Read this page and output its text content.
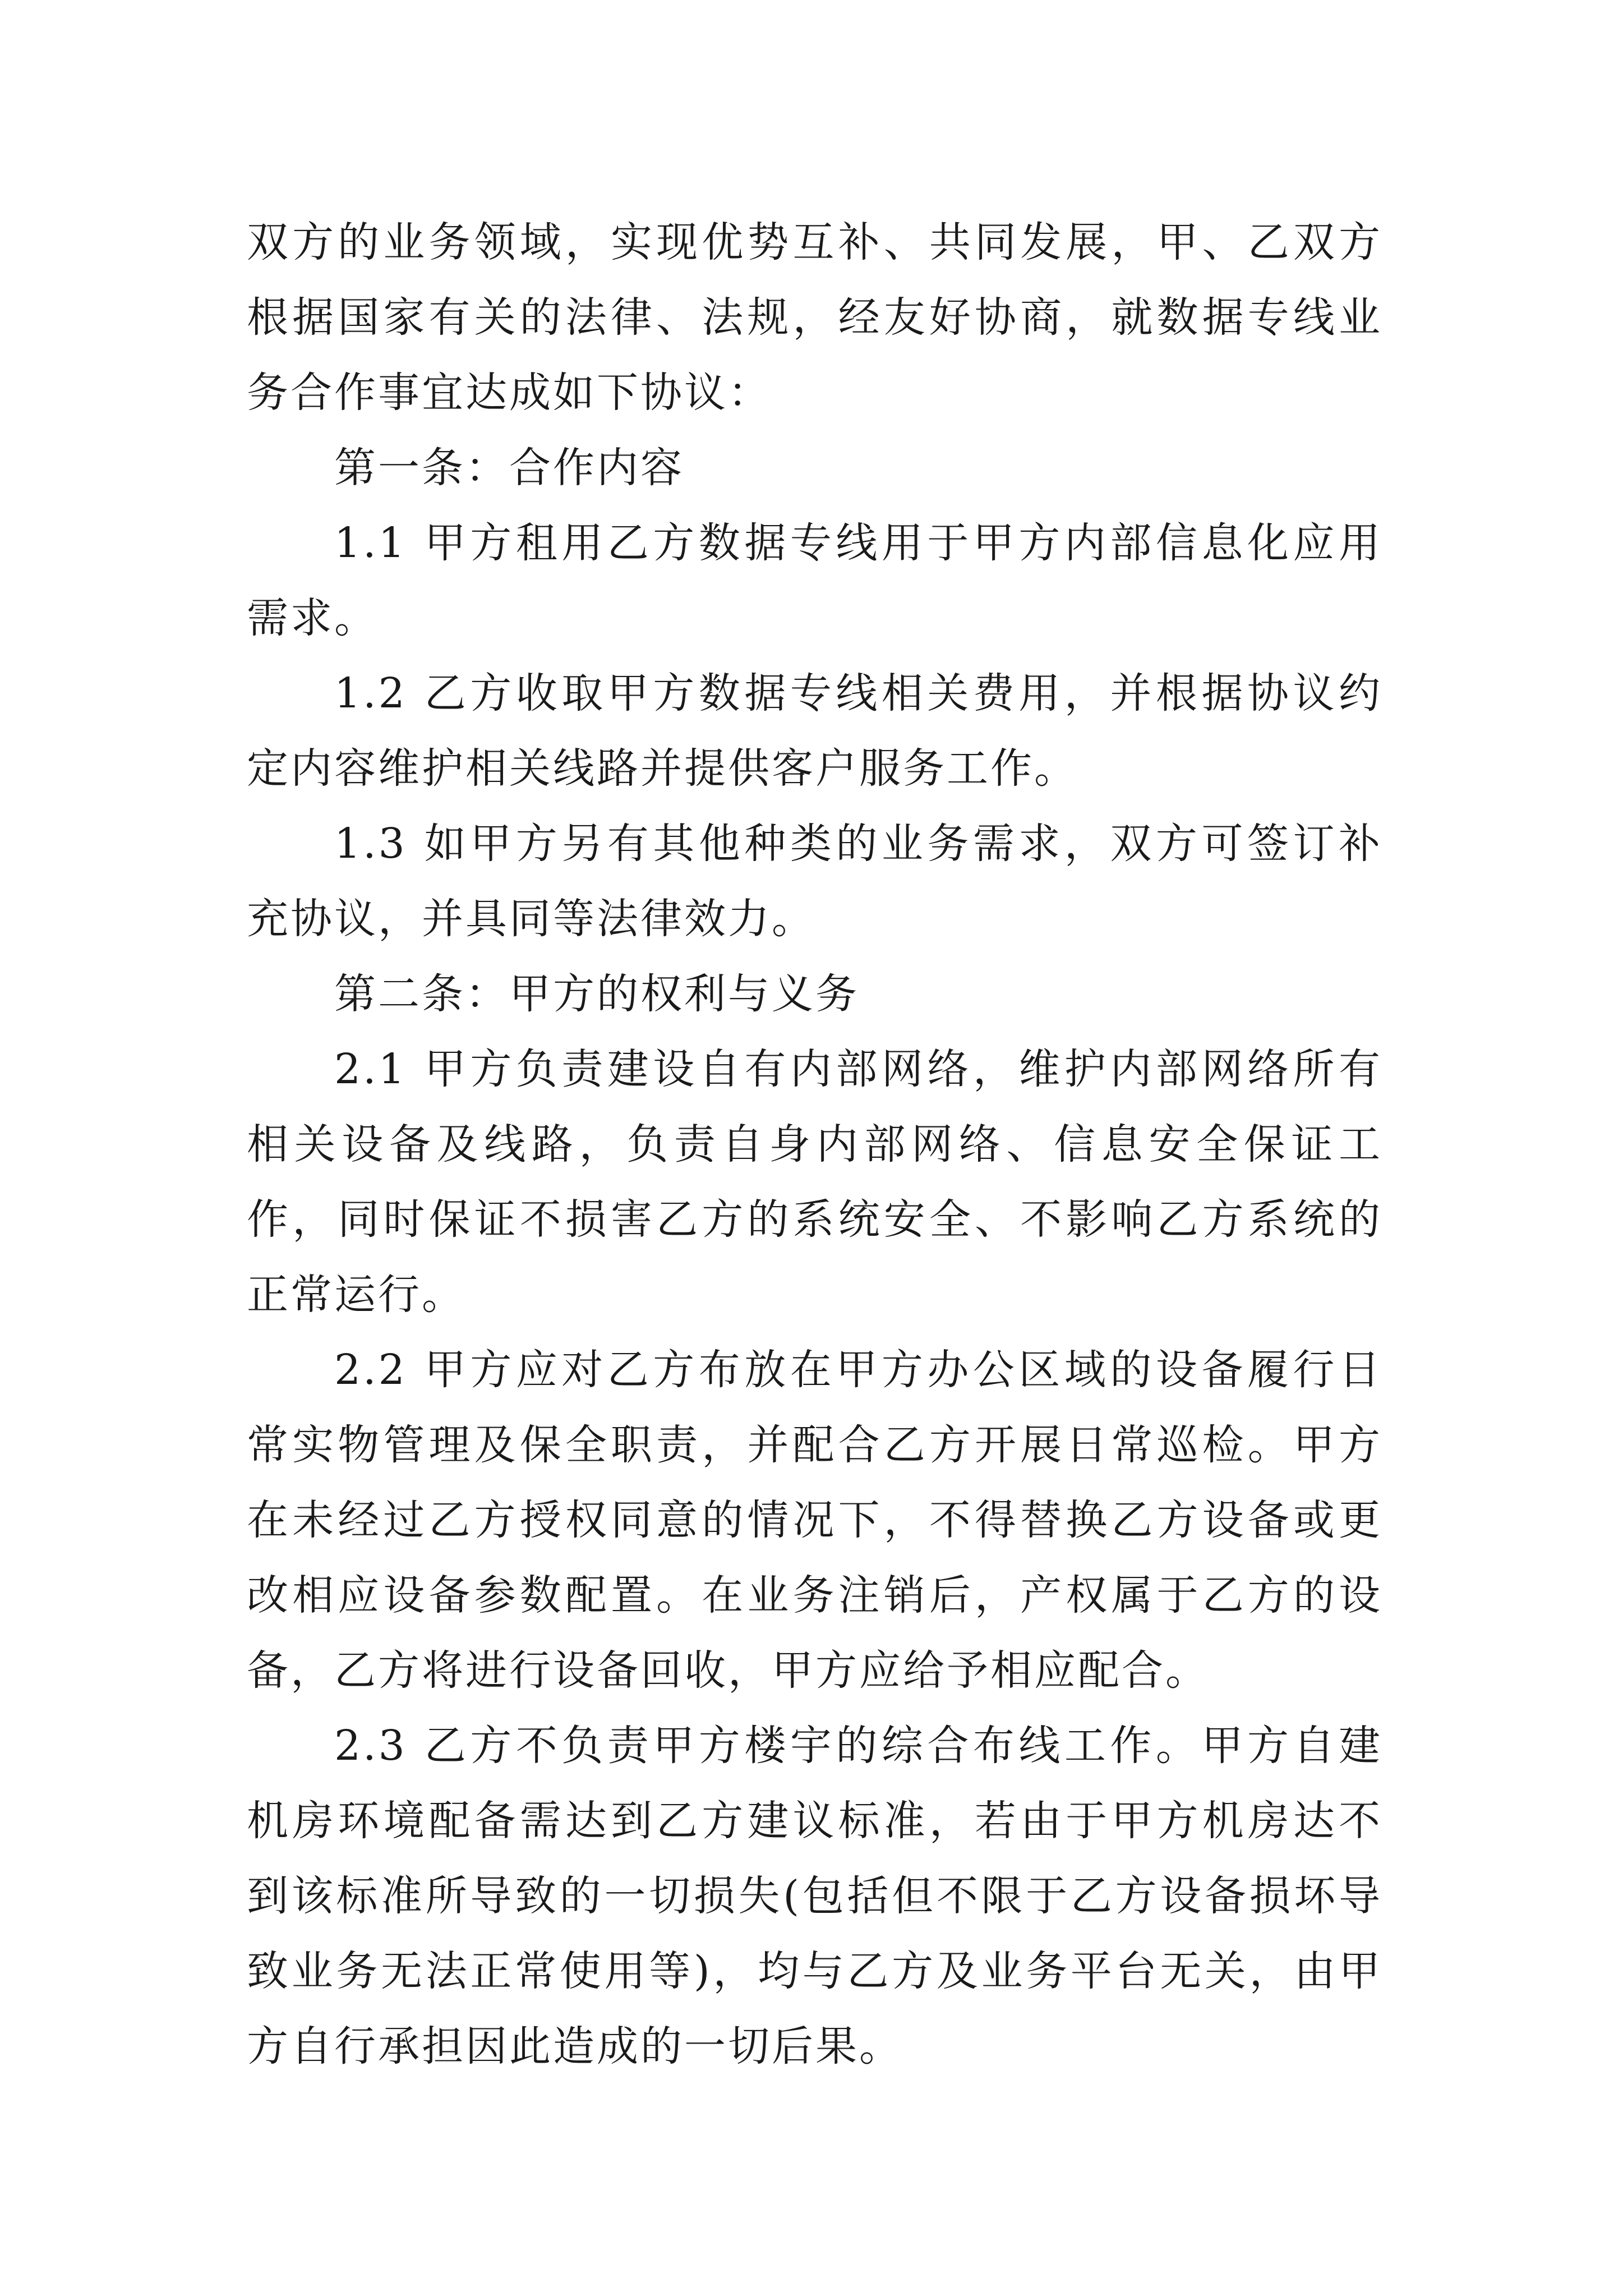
双方的业务领域，实现优势互补、共同发展，甲、乙双方根据国家有关的法律、法规，经友好协商，就数据专线业务合作事宜达成如下协议：

第一条：合作内容

1.1 甲方租用乙方数据专线用于甲方内部信息化应用需求。

1.2 乙方收取甲方数据专线相关费用，并根据协议约定内容维护相关线路并提供客户服务工作。

1.3 如甲方另有其他种类的业务需求，双方可签订补充协议，并具同等法律效力。

第二条：甲方的权利与义务

2.1 甲方负责建设自有内部网络，维护内部网络所有相关设备及线路，负责自身内部网络、信息安全保证工作，同时保证不损害乙方的系统安全、不影响乙方系统的正常运行。

2.2 甲方应对乙方布放在甲方办公区域的设备履行日常实物管理及保全职责，并配合乙方开展日常巡检。甲方在未经过乙方授权同意的情况下，不得替换乙方设备或更改相应设备参数配置。在业务注销后，产权属于乙方的设备，乙方将进行设备回收，甲方应给予相应配合。

2.3 乙方不负责甲方楼宇的综合布线工作。甲方自建机房环境配备需达到乙方建议标准，若由于甲方机房达不到该标准所导致的一切损失(包括但不限于乙方设备损坏导致业务无法正常使用等)，均与乙方及业务平台无关，由甲方自行承担因此造成的一切后果。
